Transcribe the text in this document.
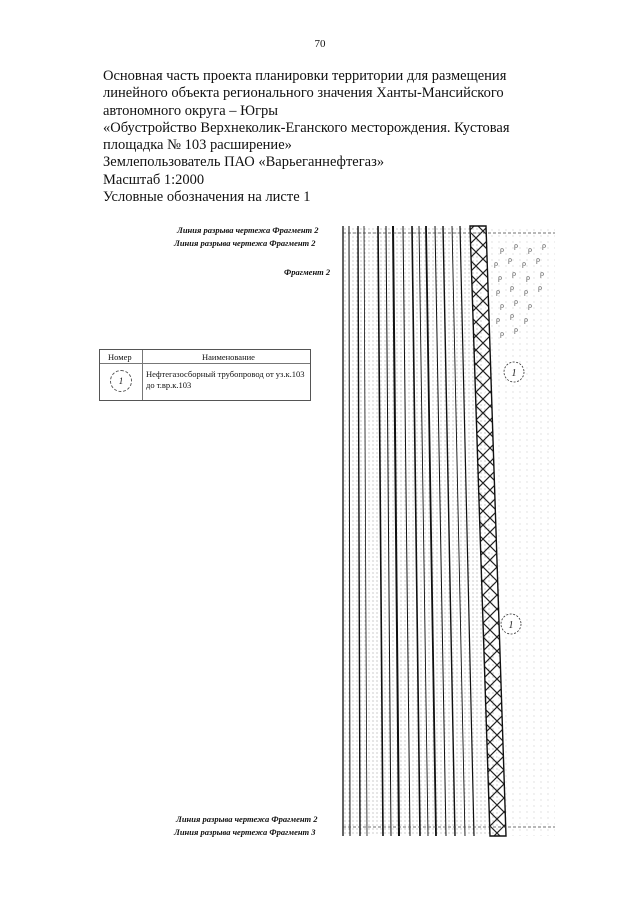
70
Основная часть проекта планировки территории для размещения
линейного объекта регионального значения Ханты-Мансийского
автономного округа – Югры
«Обустройство Верхнеколик-Еганского месторождения. Кустовая
площадка № 103 расширение»
Землепользователь ПАО «Варьеганнефтегаз»
Масштаб 1:2000
Условные обозначения на листе 1
ρ ρ ρ ρ
ρ ρ ρ ρ
ρ ρ ρ ρ
ρ ρ ρ ρ
ρ ρ ρ
ρ ρ ρ
ρ ρ
1
1
Линия разрыва чертежа Фрагмент 2
Линия разрыва чертежа Фрагмент 2
Фрагмент 2
Линия разрыва чертежа Фрагмент 2
Линия разрыва чертежа Фрагмент 3
Номер	Наименование
1
Нефтегазосборный трубопровод от уз.к.103
до т.вр.к.103
